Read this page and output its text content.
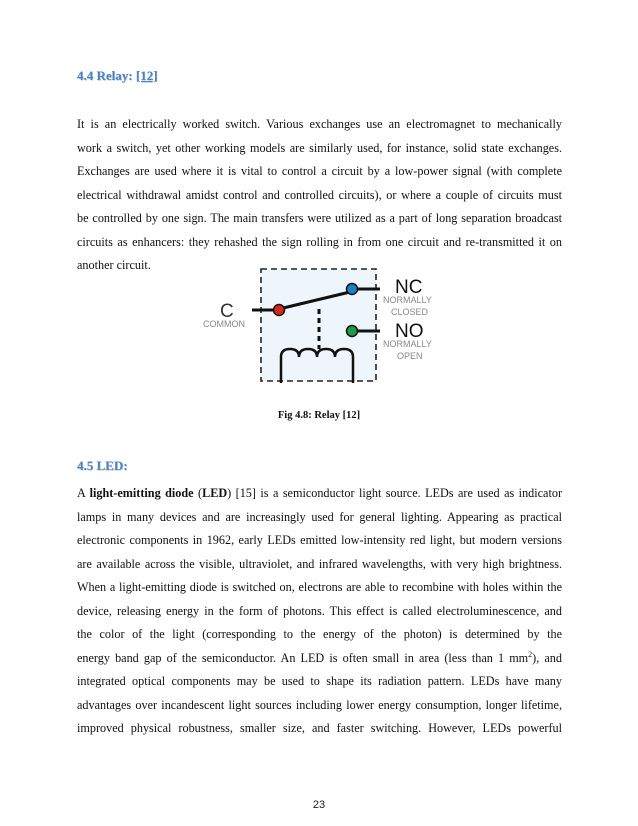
4.4 Relay: [12]
It is an electrically worked switch. Various exchanges use an electromagnet to mechanically
work a switch, yet other working models are similarly used, for instance, solid state exchanges.
Exchanges are used where it is vital to control a circuit by a low-power signal (with complete
electrical withdrawal amidst control and controlled circuits), or where a couple of circuits must
be controlled by one sign. The main transfers were utilized as a part of long separation broadcast
circuits as enhancers: they rehashed the sign rolling in from one circuit and re-transmitted it on
another circuit.
C
COMMON
NC
NORMALLY
CLOSED
NO
NORMALLY
OPEN
Fig 4.8: Relay [12]
4.5 LED:
A light-emitting diode (LED) [15] is a semiconductor light source. LEDs are used as indicator
lamps in many devices and are increasingly used for general lighting. Appearing as practical
electronic components in 1962, early LEDs emitted low-intensity red light, but modern versions
are available across the visible, ultraviolet, and infrared wavelengths, with very high brightness.
When a light-emitting diode is switched on, electrons are able to recombine with holes within the
device, releasing energy in the form of photons. This effect is called electroluminescence, and
the color of the light (corresponding to the energy of the photon) is determined by the
energy band gap of the semiconductor. An LED is often small in area (less than 1 $mm^2$), and
integrated optical components may be used to shape its radiation pattern. LEDs have many
advantages over incandescent light sources including lower energy consumption, longer lifetime,
improved physical robustness, smaller size, and faster switching. However, LEDs powerful
23
